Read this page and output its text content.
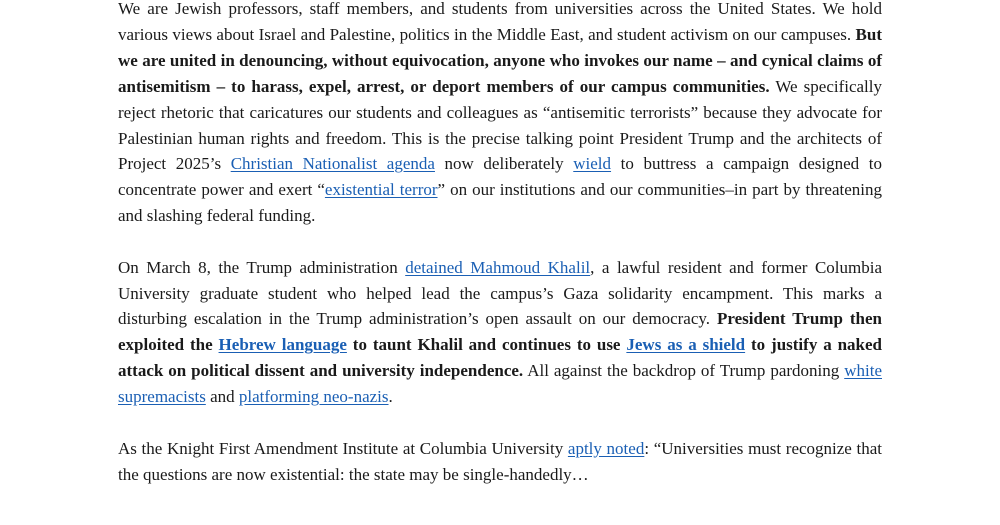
We are Jewish professors, staff members, and students from universities across the United States. We hold various views about Israel and Palestine, politics in the Middle East, and student activism on our campuses. But we are united in denouncing, without equivocation, anyone who invokes our name – and cynical claims of antisemitism – to harass, expel, arrest, or deport members of our campus communities. We specifically reject rhetoric that caricatures our students and colleagues as “antisemitic terrorists” because they advocate for Palestinian human rights and freedom. This is the precise talking point President Trump and the architects of Project 2025’s Christian Nationalist agenda now deliberately wield to buttress a campaign designed to concentrate power and exert “existential terror” on our institutions and our communities–in part by threatening and slashing federal funding.

On March 8, the Trump administration detained Mahmoud Khalil, a lawful resident and former Columbia University graduate student who helped lead the campus’s Gaza solidarity encampment. This marks a disturbing escalation in the Trump administration’s open assault on our democracy. President Trump then exploited the Hebrew language to taunt Khalil and continues to use Jews as a shield to justify a naked attack on political dissent and university independence. All against the backdrop of Trump pardoning white supremacists and platforming neo-nazis.

As the Knight First Amendment Institute at Columbia University aptly noted: “Universities must recognize that the questions are now existential: the state may be single-handedly…
